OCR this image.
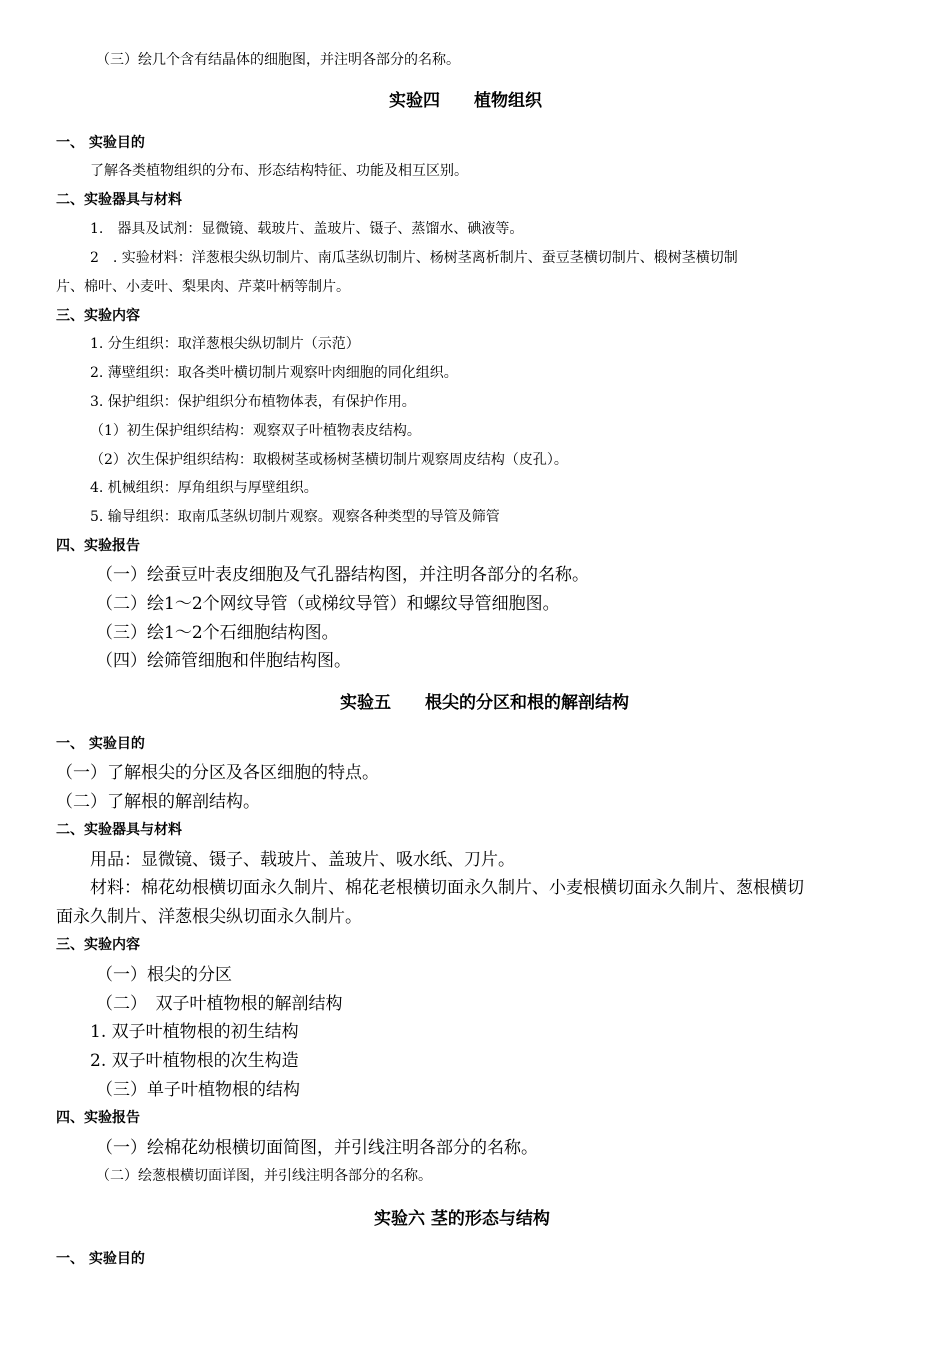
（三）绘几个含有结晶体的细胞图，并注明各部分的名称。
实验四　　植物组织
一、 实验目的
了解各类植物组织的分布、形态结构特征、功能及相互区别。
二、实验器具与材料
1.　器具及试剂：显微镜、载玻片、盖玻片、镊子、蒸馏水、碘液等。
2　. 实验材料：洋葱根尖纵切制片、南瓜茎纵切制片、杨树茎离析制片、蚕豆茎横切制片、椴树茎横切制
片、棉叶、小麦叶、梨果肉、芹菜叶柄等制片。
三、实验内容
1. 分生组织：取洋葱根尖纵切制片（示范）
2. 薄壁组织：取各类叶横切制片观察叶肉细胞的同化组织。
3. 保护组织：保护组织分布植物体表，有保护作用。
（1）初生保护组织结构：观察双子叶植物表皮结构。
（2）次生保护组织结构：取椴树茎或杨树茎横切制片观察周皮结构（皮孔）。
4. 机械组织：厚角组织与厚壁组织。
5. 输导组织：取南瓜茎纵切制片观察。观察各种类型的导管及筛管
四、实验报告
（一）绘蚕豆叶表皮细胞及气孔器结构图，并注明各部分的名称。
（二）绘1～2个网纹导管（或梯纹导管）和螺纹导管细胞图。
（三）绘1～2个石细胞结构图。
（四）绘筛管细胞和伴胞结构图。
实验五　　根尖的分区和根的解剖结构
一、 实验目的
（一）了解根尖的分区及各区细胞的特点。
（二）了解根的解剖结构。
二、实验器具与材料
用品：显微镜、镊子、载玻片、盖玻片、吸水纸、刀片。
材料：棉花幼根横切面永久制片、棉花老根横切面永久制片、小麦根横切面永久制片、葱根横切
面永久制片、洋葱根尖纵切面永久制片。
三、实验内容
（一）根尖的分区
（二）　双子叶植物根的解剖结构
1. 双子叶植物根的初生结构
2. 双子叶植物根的次生构造
（三）单子叶植物根的结构
四、实验报告
（一）绘棉花幼根横切面简图，并引线注明各部分的名称。
（二）绘葱根横切面详图，并引线注明各部分的名称。
实验六 茎的形态与结构
一、 实验目的
